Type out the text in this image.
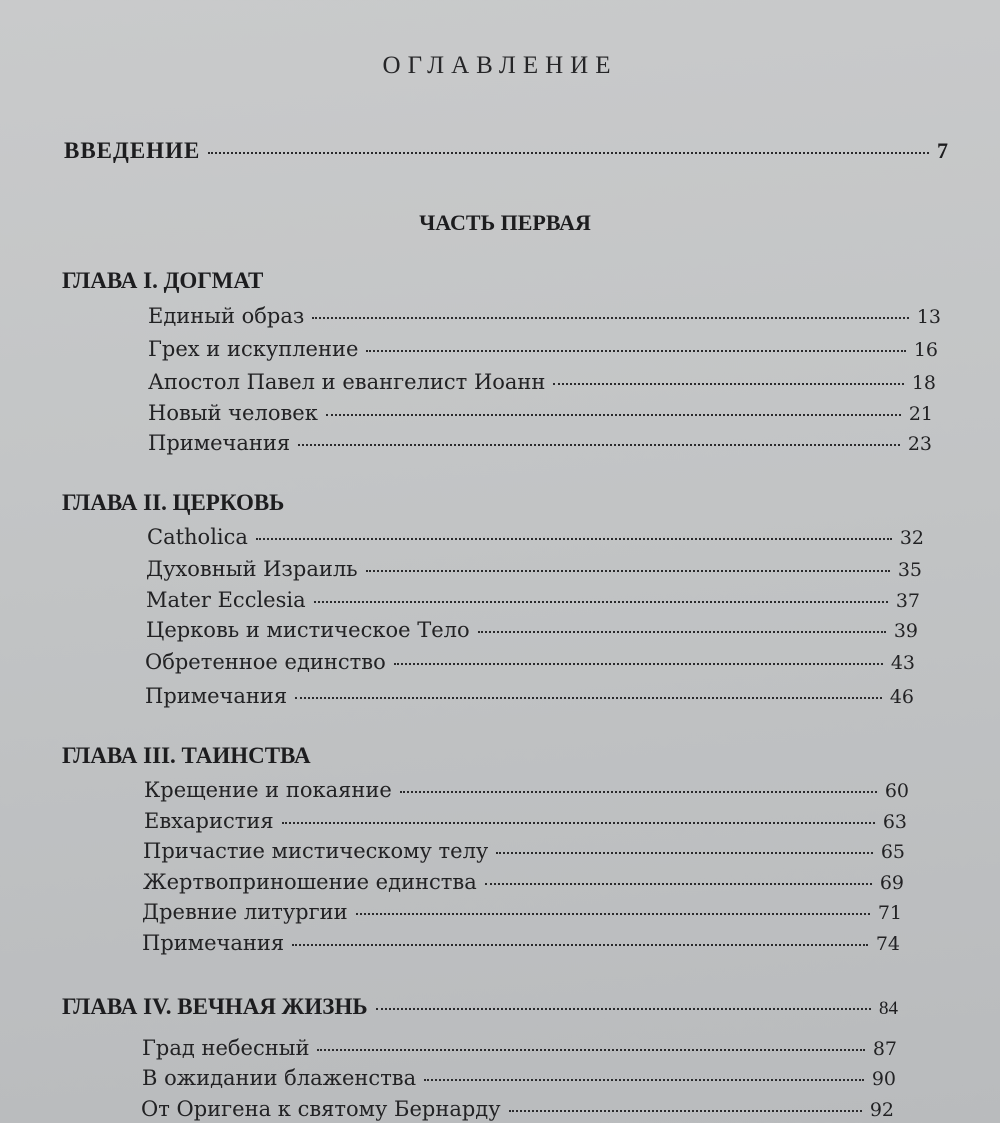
ОГЛАВЛЕНИЕ
ВВЕДЕНИЕ	7
ЧАСТЬ ПЕРВАЯ
ГЛАВА I. ДОГМАТ
Единый образ	13
Грех и искупление	16
Апостол Павел и евангелист Иоанн	18
Новый человек	21
Примечания	23
ГЛАВА II. ЦЕРКОВЬ
Catholica	32
Духовный Израиль	35
Mater Ecclesia	37
Церковь и мистическое Тело	39
Обретенное единство	43
Примечания	46
ГЛАВА III. ТАИНСТВА
Крещение и покаяние	60
Евхаристия	63
Причастие мистическому телу	65
Жертвоприношение единства	69
Древние литургии	71
Примечания	74
ГЛАВА IV. ВЕЧНАЯ ЖИЗНЬ	84
Град небесный	87
В ожидании блаженства	90
От Оригена к святому Бернарду	92
